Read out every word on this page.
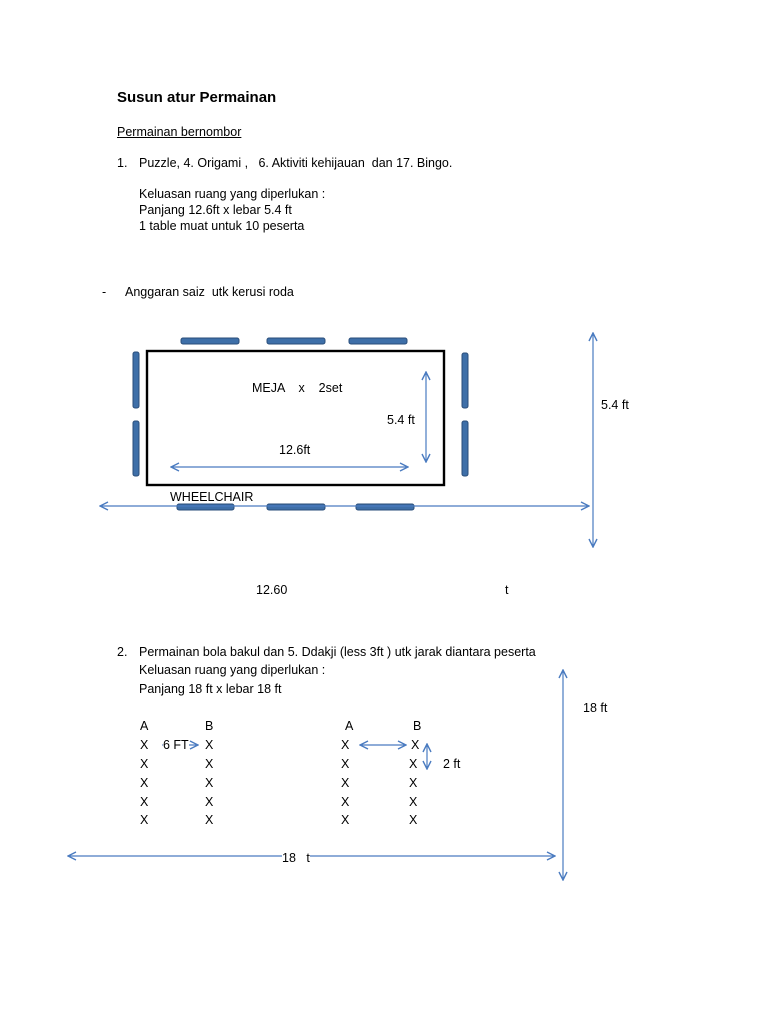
Susun atur Permainan
Permainan bernombor
1. Puzzle, 4. Origami ,   6. Aktiviti kehijauan  dan 17. Bingo.
Keluasan ruang yang diperlukan :
Panjang 12.6ft x lebar 5.4 ft
1 table muat untuk 10 peserta
- Anggaran saiz  utk kerusi roda
MEJA    x    2set
5.4 ft
12.6ft
WHEELCHAIR
5.4 ft
12.60	t
2. Permainan bola bakul dan 5. Ddakji (less 3ft ) utk jarak diantara peserta
Keluasan ruang yang diperlukan :
Panjang 18 ft x lebar 18 ft
A	B	A	B
X	X	X	X
X	X	X	X
X	X	X	X
X	X	X	X
X	X	X	X
6 FT
2 ft
18 ft
18   t
